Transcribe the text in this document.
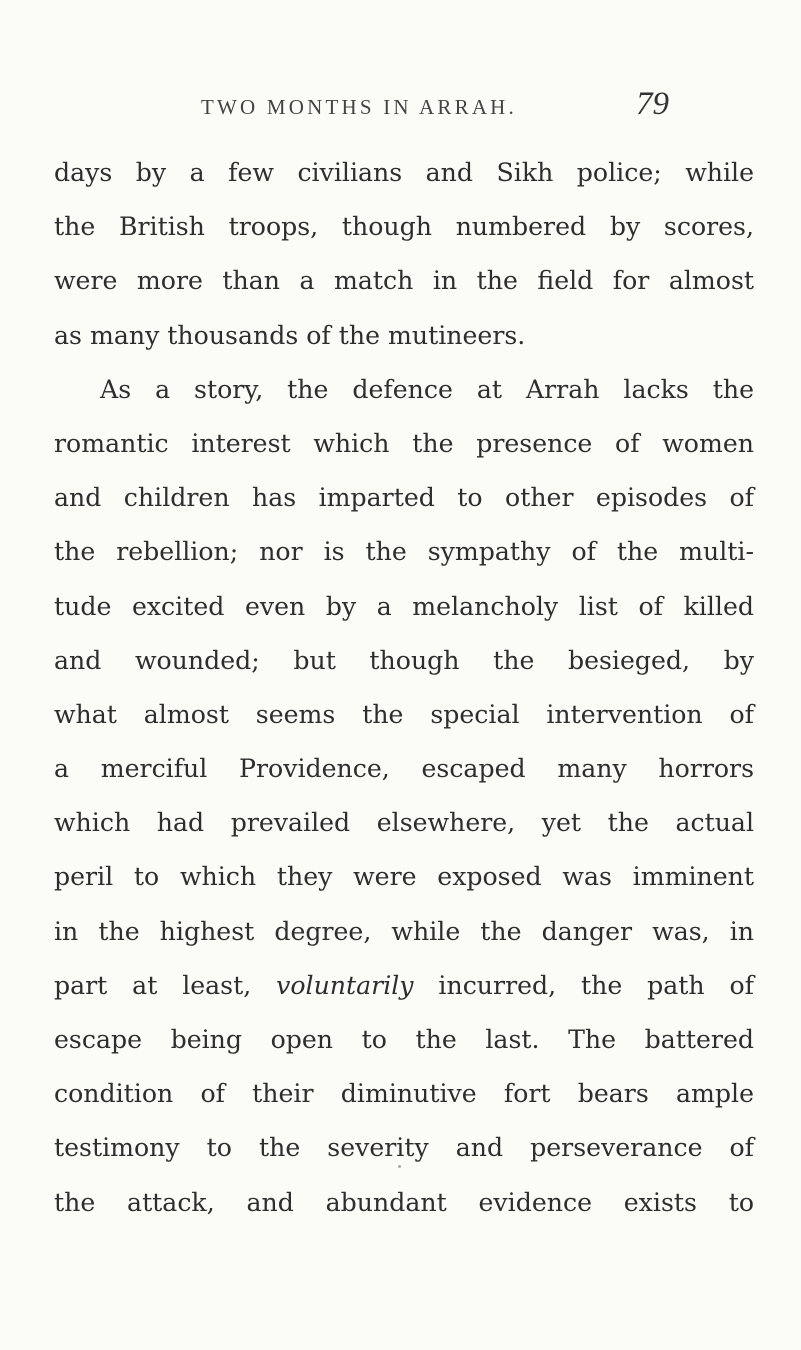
TWO MONTHS IN ARRAH.	79
days by a few civilians and Sikh police; while
the British troops, though numbered by scores,
were more than a match in the field for almost
as many thousands of the mutineers.
As a story, the defence at Arrah lacks the
romantic interest which the presence of women
and children has imparted to other episodes of
the rebellion; nor is the sympathy of the multi-
tude excited even by a melancholy list of killed
and wounded; but though the besieged, by
what almost seems the special intervention of
a merciful Providence, escaped many horrors
which had prevailed elsewhere, yet the actual
peril to which they were exposed was imminent
in the highest degree, while the danger was, in
part at least, voluntarily incurred, the path of
escape being open to the last. The battered
condition of their diminutive fort bears ample
testimony to the severity and perseverance of
the attack, and abundant evidence exists to
